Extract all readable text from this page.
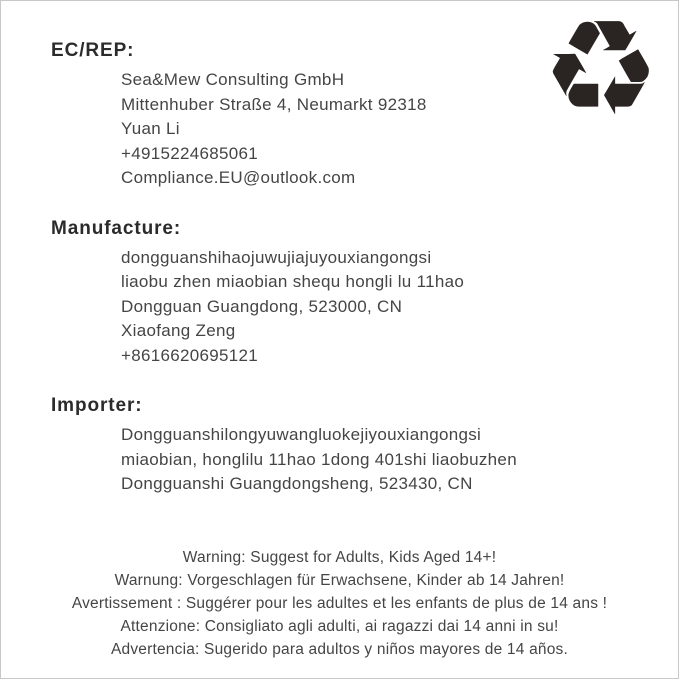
♻
EC/REP:
Sea&Mew Consulting GmbH
Mittenhuber Straße 4, Neumarkt 92318
Yuan Li
+4915224685061
Compliance.EU@outlook.com
Manufacture:
dongguanshihaojuwujiajuyouxiangongsi
liaobu zhen miaobian shequ hongli lu 11hao
Dongguan Guangdong, 523000, CN
Xiaofang Zeng
+8616620695121
Importer:
Dongguanshilongyuwangluokejiyouxiangongsi
miaobian, honglilu 11hao 1dong 401shi liaobuzhen
Dongguanshi Guangdongsheng, 523430, CN
Warning: Suggest for Adults, Kids Aged 14+!
Warnung: Vorgeschlagen für Erwachsene, Kinder ab 14 Jahren!
Avertissement : Suggérer pour les adultes et les enfants de plus de 14 ans !
Attenzione: Consigliato agli adulti, ai ragazzi dai 14 anni in su!
Advertencia: Sugerido para adultos y niños mayores de 14 años.
